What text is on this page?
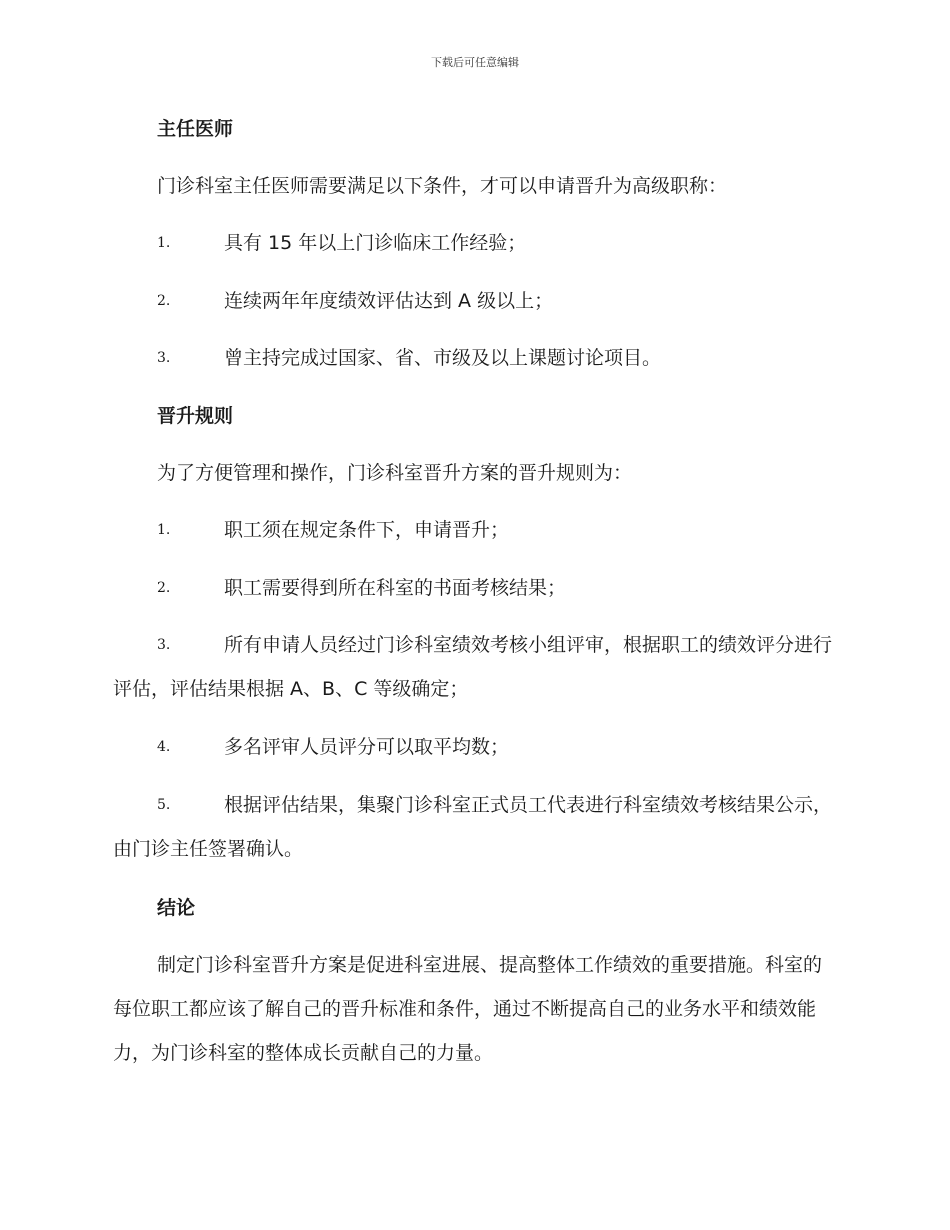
下载后可任意编辑
主任医师

门诊科室主任医师需要满足以下条件，才可以申请晋升为高级职称：

1.	具有 15 年以上门诊临床工作经验；
2.	连续两年年度绩效评估达到 A 级以上；
3.	曾主持完成过国家、省、市级及以上课题讨论项目。
晋升规则

为了方便管理和操作，门诊科室晋升方案的晋升规则为：

1.	职工须在规定条件下，申请晋升；
2.	职工需要得到所在科室的书面考核结果；
3.	所有申请人员经过门诊科室绩效考核小组评审，根据职工的绩效评分进行评估，评估结果根据 A、B、C 等级确定；
4.	多名评审人员评分可以取平均数；
5.	根据评估结果，集聚门诊科室正式员工代表进行科室绩效考核结果公示，由门诊主任签署确认。
结论

制定门诊科室晋升方案是促进科室进展、提高整体工作绩效的重要措施。科室的每位职工都应该了解自己的晋升标准和条件，通过不断提高自己的业务水平和绩效能力，为门诊科室的整体成长贡献自己的力量。
